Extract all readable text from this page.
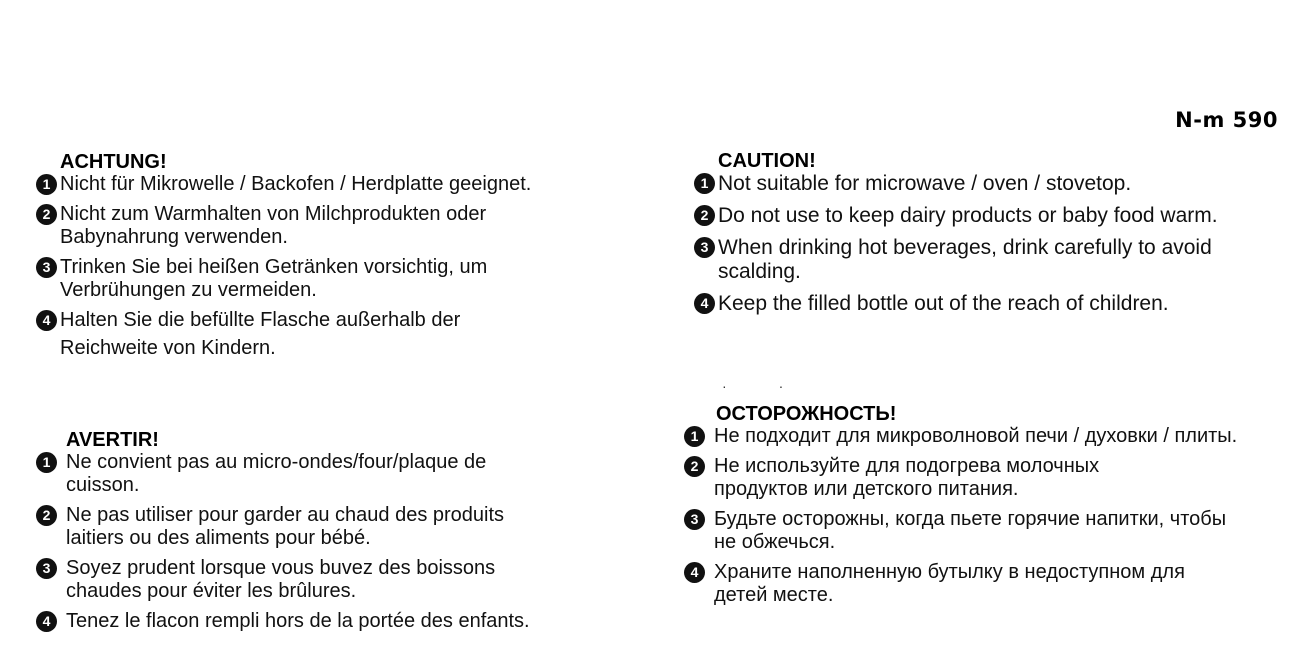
N-m 590
ACHTUNG!
1 Nicht für Mikrowelle / Backofen / Herdplatte geeignet.
2 Nicht zum Warmhalten von Milchprodukten oder Babynahrung verwenden.
3 Trinken Sie bei heißen Getränken vorsichtig, um Verbrühungen zu vermeiden.
4 Halten Sie die befüllte Flasche außerhalb der Reichweite von Kindern.
AVERTIR!
1 Ne convient pas au micro-ondes/four/plaque de cuisson.
2 Ne pas utiliser pour garder au chaud des produits laitiers ou des aliments pour bébé.
3 Soyez prudent lorsque vous buvez des boissons chaudes pour éviter les brûlures.
4 Tenez le flacon rempli hors de la portée des enfants.
CAUTION!
1 Not suitable for microwave / oven / stovetop.
2 Do not use to keep dairy products or baby food warm.
3 When drinking hot beverages, drink carefully to avoid scalding.
4 Keep the filled bottle out of the reach of children.
··
ОСТОРОЖНОСТЬ!
1 Не подходит для микроволновой печи / духовки / плиты.
2 Не используйте для подогрева молочных продуктов или детского питания.
3 Будьте осторожны, когда пьете горячие напитки, чтобы не обжечься.
4 Храните наполненную бутылку в недоступном для детей месте.
